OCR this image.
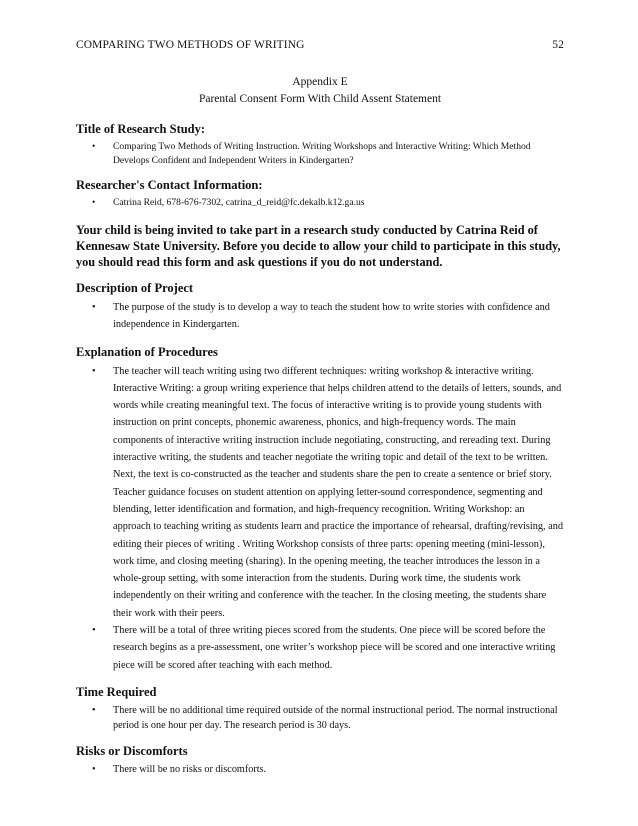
COMPARING TWO METHODS OF WRITING	52
Appendix E
Parental Consent Form With Child Assent Statement

Title of Research Study:

• Comparing Two Methods of Writing Instruction. Writing Workshops and Interactive Writing: Which Method Develops Confident and Independent Writers in Kindergarten?

Researcher's Contact Information:

• Catrina Reid, 678-676-7302, catrina_d_reid@fc.dekalb.k12.ga.us
Your child is being invited to take part in a research study conducted by Catrina Reid of Kennesaw State University. Before you decide to allow your child to participate in this study, you should read this form and ask questions if you do not understand.

Description of Project

• The purpose of the study is to develop a way to teach the student how to write stories with confidence and independence in Kindergarten.

Explanation of Procedures

• The teacher will teach writing using two different techniques: writing workshop & interactive writing. Interactive Writing: a group writing experience that helps children attend to the details of letters, sounds, and words while creating meaningful text. The focus of interactive writing is to provide young students with instruction on print concepts, phonemic awareness, phonics, and high-frequency words. The main components of interactive writing instruction include negotiating, constructing, and rereading text. During interactive writing, the students and teacher negotiate the writing topic and detail of the text to be written. Next, the text is co-constructed as the teacher and students share the pen to create a sentence or brief story. Teacher guidance focuses on student attention on applying letter-sound correspondence, segmenting and blending, letter identification and formation, and high-frequency recognition. Writing Workshop: an approach to teaching writing as students learn and practice the importance of rehearsal, drafting/revising, and editing their pieces of writing . Writing Workshop consists of three parts: opening meeting (mini-lesson), work time, and closing meeting (sharing). In the opening meeting, the teacher introduces the lesson in a whole-group setting, with some interaction from the students. During work time, the students work independently on their writing and conference with the teacher. In the closing meeting, the students share their work with their peers.
• There will be a total of three writing pieces scored from the students. One piece will be scored before the research begins as a pre-assessment, one writer’s workshop piece will be scored and one interactive writing piece will be scored after teaching with each method.

Time Required

• There will be no additional time required outside of the normal instructional period. The normal instructional period is one hour per day. The research period is 30 days.

Risks or Discomforts

• There will be no risks or discomforts.
